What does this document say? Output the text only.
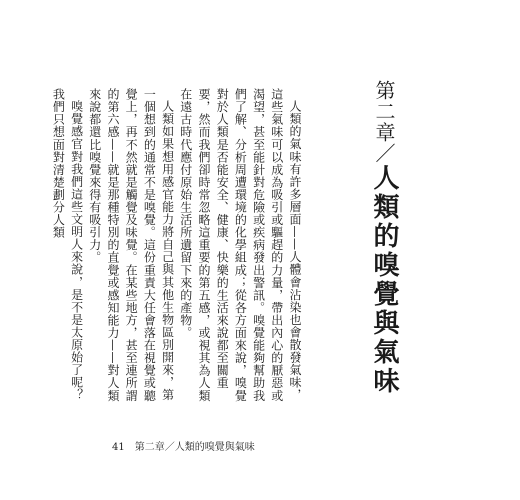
第二章／人類的嗅覺與氣味

人類的氣味有許多層面——人體會沾染也會散發氣味，這些氣味可以成為吸引或驅趕的力量，帶出內心的厭惡或渴望，甚至能針對危險或疾病發出警訊。嗅覺能夠幫助我們了解、分析周遭環境的化學組成；從各方面來說，嗅覺對於人類是否能安全、健康、快樂的生活來說都至關重要，然而我們卻時常忽略這重要的第五感，或視其為人類在遠古時代應付原始生活所遺留下來的產物。

人類如果想用感官能力將自己與其他生物區別開來，第一個想到的通常不是嗅覺。這份重責大任會落在視覺或聽覺上，再不然就是觸覺及味覺。在某些地方，甚至連所謂的第六感——就是那種特別的直覺或感知能力——對人類來說都還比嗅覺來得有吸引力。

嗅覺感官對我們這些文明人來說，是不是太原始了呢？我們只想面對清楚劃分人類

41 第二章／人類的嗅覺與氣味
